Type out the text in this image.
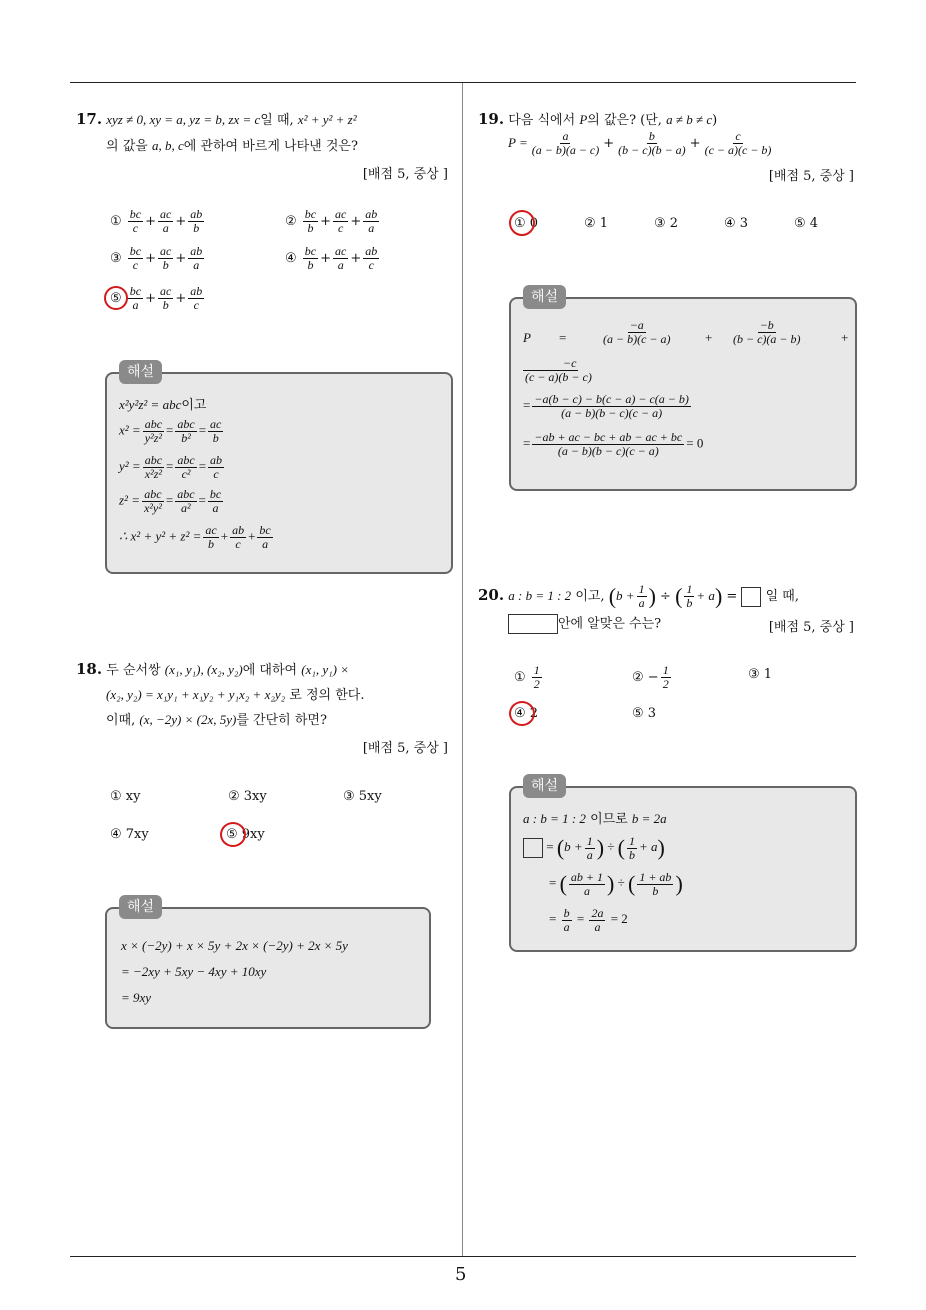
17. xyz ≠ 0, xy = a, yz = b, zx = c일 때, x² + y² + z²
의 값을 a, b, c에 관하여 바르게 나타낸 것은?
[배점 5, 중상 ]
① $\frac{bc}{c} + \frac{ac}{a} + \frac{ab}{b}$	② $\frac{bc}{b} + \frac{ac}{c} + \frac{ab}{a}$
③ $\frac{bc}{c} + \frac{ac}{b} + \frac{ab}{a}$	④ $\frac{bc}{b} + \frac{ac}{a} + \frac{ab}{c}$
⑤ $\frac{bc}{a} + \frac{ac}{b} + \frac{ab}{c}$
해설
x²y²z² = abc이고
$x^2 = \frac{\text{abc}}{\text{y²z²}} = \frac{\text{abc}}{\text{b²}} = \frac{ac}{b}$
$y^2 = \frac{\text{abc}}{\text{x²z²}} = \frac{\text{abc}}{\text{c²}} = \frac{ab}{c}$
$z^2 = \frac{\text{abc}}{\text{x²y²}} = \frac{\text{abc}}{\text{a²}} = \frac{bc}{a}$
∴ $x^2 + y^2 + z^2 = \frac{ac}{b} + \frac{ab}{c} + \frac{bc}{a}$
18. 두 순서쌍 (x₁, y₁), (x₂, y₂)에 대하여 (x₁, y₁) ×
(x₂, y₂) = x₁y₁ + x₁y₂ + y₁x₂ + x₂y₂ 로 정의 한다.
이때, (x, −2y) × (2x, 5y)를 간단히 하면?
[배점 5, 중상 ]
① xy	② 3xy	③ 5xy
④ 7xy	⑤ 9xy
해설
x × (−2y) + x × 5y + 2x × (−2y) + 2x × 5y
= −2xy + 5xy − 4xy + 10xy
= 9xy
19. 다음 식에서 P의 값은? (단, a ≠ b ≠ c)
$P = \frac{a}{(a - b)(a - c)} + \frac{b}{(b - c)(b - a)} + \frac{c}{(c - a)(c - b)}$
[배점 5, 중상 ]
① 0	② 1	③ 2	④ 3	⑤ 4
해설
P =	$\frac{-a}{(a - b)(c - a)} + \frac{-b}{(b - c)(a - b)}$	+
$\frac{-c}{(c - a)(b - c)}$
= $\frac{-a(b - c) - b(c - a) - c(a - b)}{(a - b)(b - c)(c - a)}$
= $\frac{-ab + ac - bc + ab - ac + bc}{(a - b)(b - c)(c - a)} = 0$
20. a : b = 1 : 2 이고, ($b + \frac{1}{a}$ ) ÷ ( $\frac{1}{b} + a$) =  일 때,
안에 알맞은 수는?	[배점 5, 중상 ]
① $\frac{1}{2}$	② − $\frac{1}{2}$	③ 1
④ 2	⑤ 3
해설
a : b = 1 : 2 이므로 b = 2a
= ($b + \frac{1}{a}$ ) ÷ ( $\frac{1}{b} + a$)
= ( $\frac{ab + 1}{a}$ ) ÷ ( $\frac{1 + ab}{b}$ )
= $\frac{b}{a} = \frac{2a}{a} = 2$
5
